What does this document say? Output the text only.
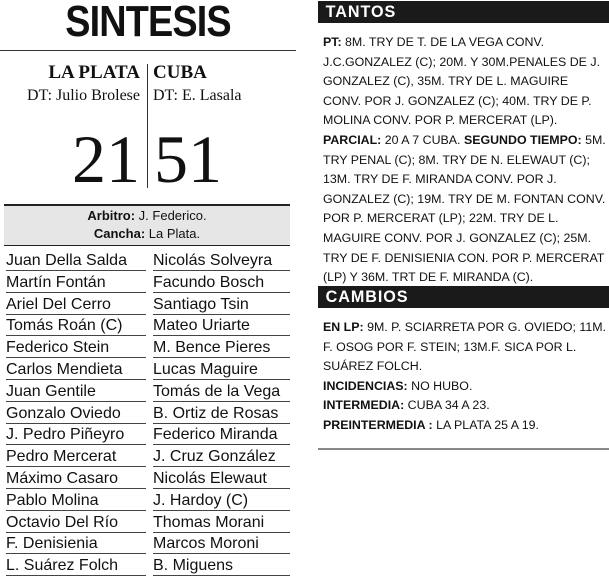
SINTESIS
LA PLATA
DT: Julio Brolese
CUBA
DT: E. Lasala
21 51
Arbitro: J. Federico.
Cancha: La Plata.
Juan Della Salda
Martín Fontán
Ariel Del Cerro
Tomás Roán (C)
Federico Stein
Carlos Mendieta
Juan Gentile
Gonzalo Oviedo
J. Pedro Piñeyro
Pedro Mercerat
Máximo Casaro
Pablo Molina
Octavio Del Río
F. Denisienia
L. Suárez Folch
Nicolás Solveyra
Facundo Bosch
Santiago Tsin
Mateo Uriarte
M. Bence Pieres
Lucas Maguire
Tomás de la Vega
B. Ortiz de Rosas
Federico Miranda
J. Cruz González
Nicolás Elewaut
J. Hardoy (C)
Thomas Morani
Marcos Moroni
B. Miguens
TANTOS
PT: 8M. TRY DE T. DE LA VEGA CONV. J.C.GONZALEZ (C); 20M. Y 30M.PENALES DE J. GONZALEZ (C), 35M. TRY DE L. MAGUIRE CONV. POR J. GONZALEZ (C); 40M. TRY DE P. MOLINA CONV. POR P. MERCERAT (LP). PARCIAL: 20 A 7 CUBA. SEGUNDO TIEMPO: 5M. TRY PENAL (C); 8M. TRY DE N. ELEWAUT (C); 13M. TRY DE F. MIRANDA CONV. POR J. GONZALEZ (C); 19M. TRY DE M. FONTAN CONV. POR P. MERCERAT (LP); 22M. TRY DE L. MAGUIRE CONV. POR J. GONZALEZ (C); 25M. TRY DE F. DENISIENIA CON. POR P. MERCERAT (LP) Y 36M. TRT DE F. MIRANDA (C).
CAMBIOS
EN LP: 9M. P. SCIARRETA POR G. OVIEDO; 11M. F. OSOG POR F. STEIN; 13M.F. SICA POR L. SUÁREZ FOLCH.
INCIDENCIAS: NO HUBO.
INTERMEDIA: CUBA 34 A 23.
PREINTERMEDIA : LA PLATA 25 A 19.
